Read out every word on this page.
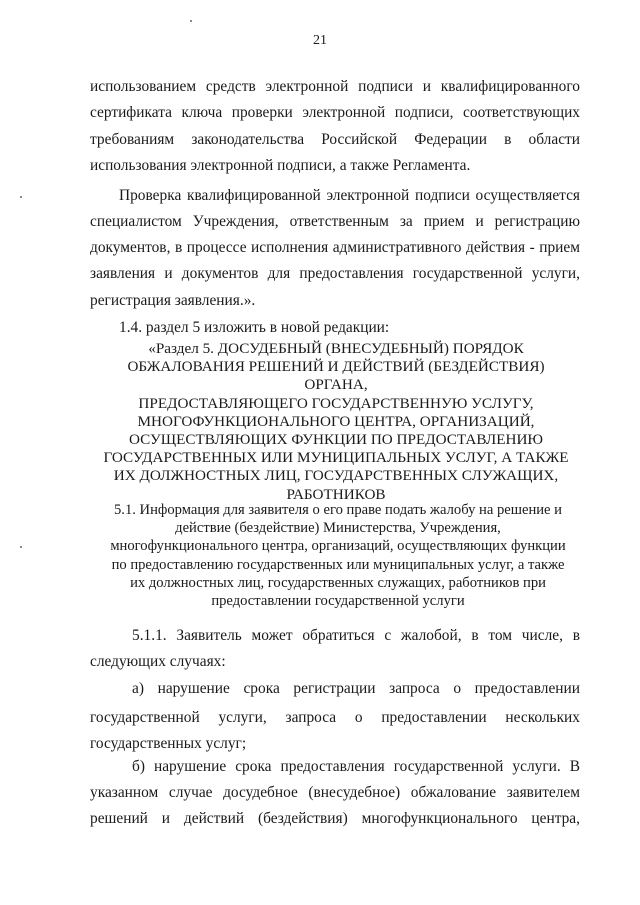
21

использованием средств электронной подписи и квалифицированного

сертификата ключа проверки электронной подписи, соответствующих

требованиям законодательства Российской Федерации в области

использования электронной подписи, а также Регламента.

Проверка квалифицированной электронной подписи осуществляется

специалистом Учреждения, ответственным за прием и регистрацию

документов, в процессе исполнения административного действия - прием

заявления и документов для предоставления государственной услуги,

регистрация заявления.».

1.4. раздел 5 изложить в новой редакции:

«Раздел 5. ДОСУДЕБНЫЙ (ВНЕСУДЕБНЫЙ) ПОРЯДОК
ОБЖАЛОВАНИЯ РЕШЕНИЙ И ДЕЙСТВИЙ (БЕЗДЕЙСТВИЯ) ОРГАНА,
ПРЕДОСТАВЛЯЮЩЕГО ГОСУДАРСТВЕННУЮ УСЛУГУ,
МНОГОФУНКЦИОНАЛЬНОГО ЦЕНТРА, ОРГАНИЗАЦИЙ,
ОСУЩЕСТВЛЯЮЩИХ ФУНКЦИИ ПО ПРЕДОСТАВЛЕНИЮ
ГОСУДАРСТВЕННЫХ ИЛИ МУНИЦИПАЛЬНЫХ УСЛУГ, А ТАКЖЕ
ИХ ДОЛЖНОСТНЫХ ЛИЦ, ГОСУДАРСТВЕННЫХ СЛУЖАЩИХ,
РАБОТНИКОВ
5.1. Информация для заявителя о его праве подать жалобу на решение и
действие (бездействие) Министерства, Учреждения,
многофункционального центра, организаций, осуществляющих функции
по предоставлению государственных или муниципальных услуг, а также
их должностных лиц, государственных служащих, работников при
предоставлении государственной услуги

5.1.1. Заявитель может обратиться с жалобой, в том числе, в

следующих случаях:

а) нарушение срока регистрации запроса о предоставлении

государственной услуги, запроса о предоставлении нескольких

государственных услуг;

б) нарушение срока предоставления государственной услуги. В

указанном случае досудебное (внесудебное) обжалование заявителем

решений и действий (бездействия) многофункционального центра,
